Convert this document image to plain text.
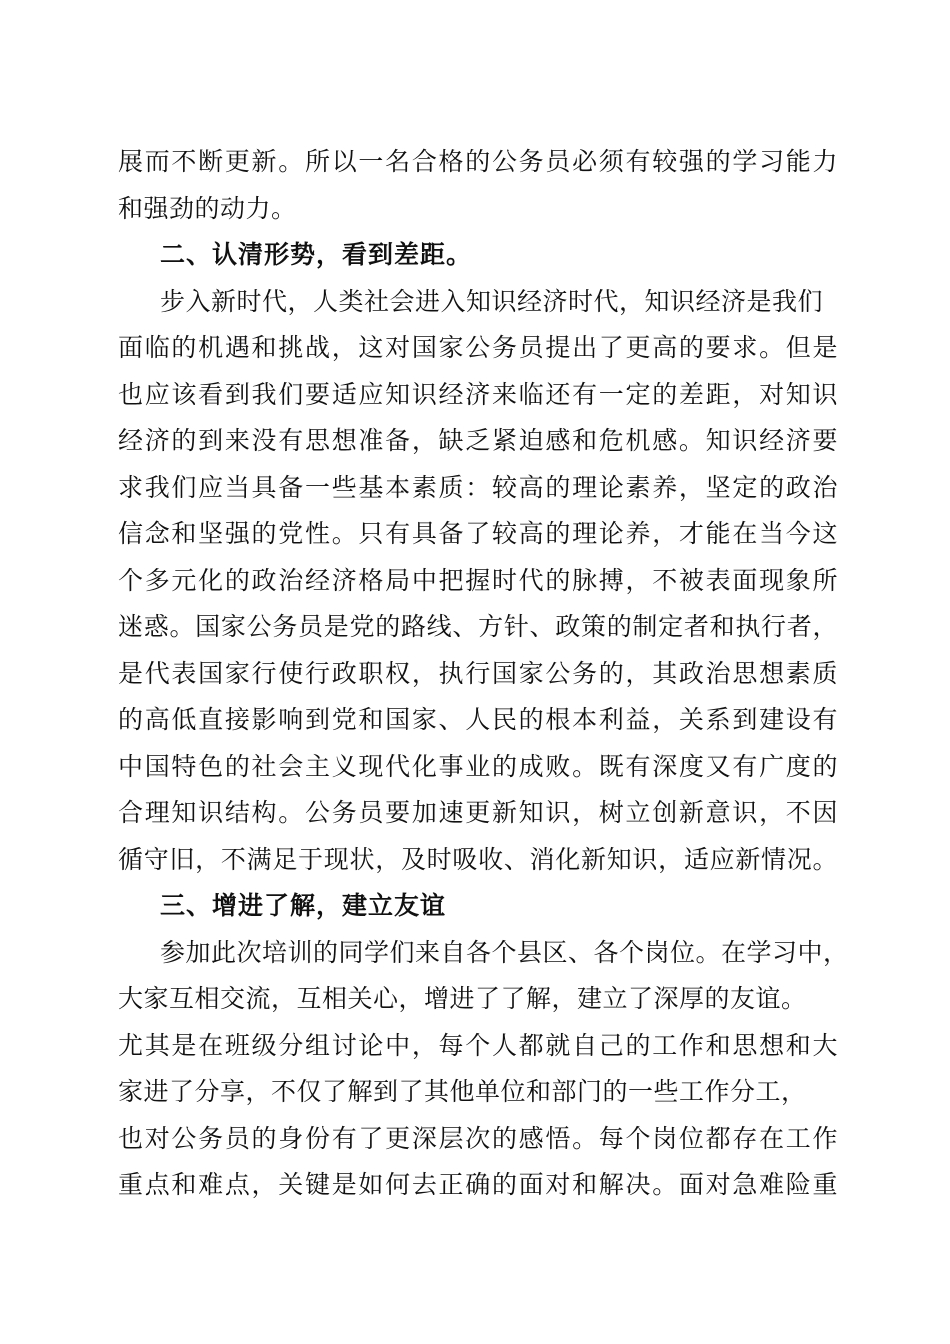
展而不断更新。所以一名合格的公务员必须有较强的学习能力
和强劲的动力。
二、认清形势，看到差距。
步入新时代，人类社会进入知识经济时代，知识经济是我们
面临的机遇和挑战，这对国家公务员提出了更高的要求。但是
也应该看到我们要适应知识经济来临还有一定的差距，对知识
经济的到来没有思想准备，缺乏紧迫感和危机感。知识经济要
求我们应当具备一些基本素质：较高的理论素养，坚定的政治
信念和坚强的党性。只有具备了较高的理论养，才能在当今这
个多元化的政治经济格局中把握时代的脉搏，不被表面现象所
迷惑。国家公务员是党的路线、方针、政策的制定者和执行者，
是代表国家行使行政职权，执行国家公务的，其政治思想素质
的高低直接影响到党和国家、人民的根本利益，关系到建设有
中国特色的社会主义现代化事业的成败。既有深度又有广度的
合理知识结构。公务员要加速更新知识，树立创新意识，不因
循守旧，不满足于现状，及时吸收、消化新知识，适应新情况。
三、增进了解，建立友谊
参加此次培训的同学们来自各个县区、各个岗位。在学习中，
大家互相交流，互相关心，增进了了解，建立了深厚的友谊。
尤其是在班级分组讨论中，每个人都就自己的工作和思想和大
家进了分享，不仅了解到了其他单位和部门的一些工作分工，
也对公务员的身份有了更深层次的感悟。每个岗位都存在工作
重点和难点，关键是如何去正确的面对和解决。面对急难险重
